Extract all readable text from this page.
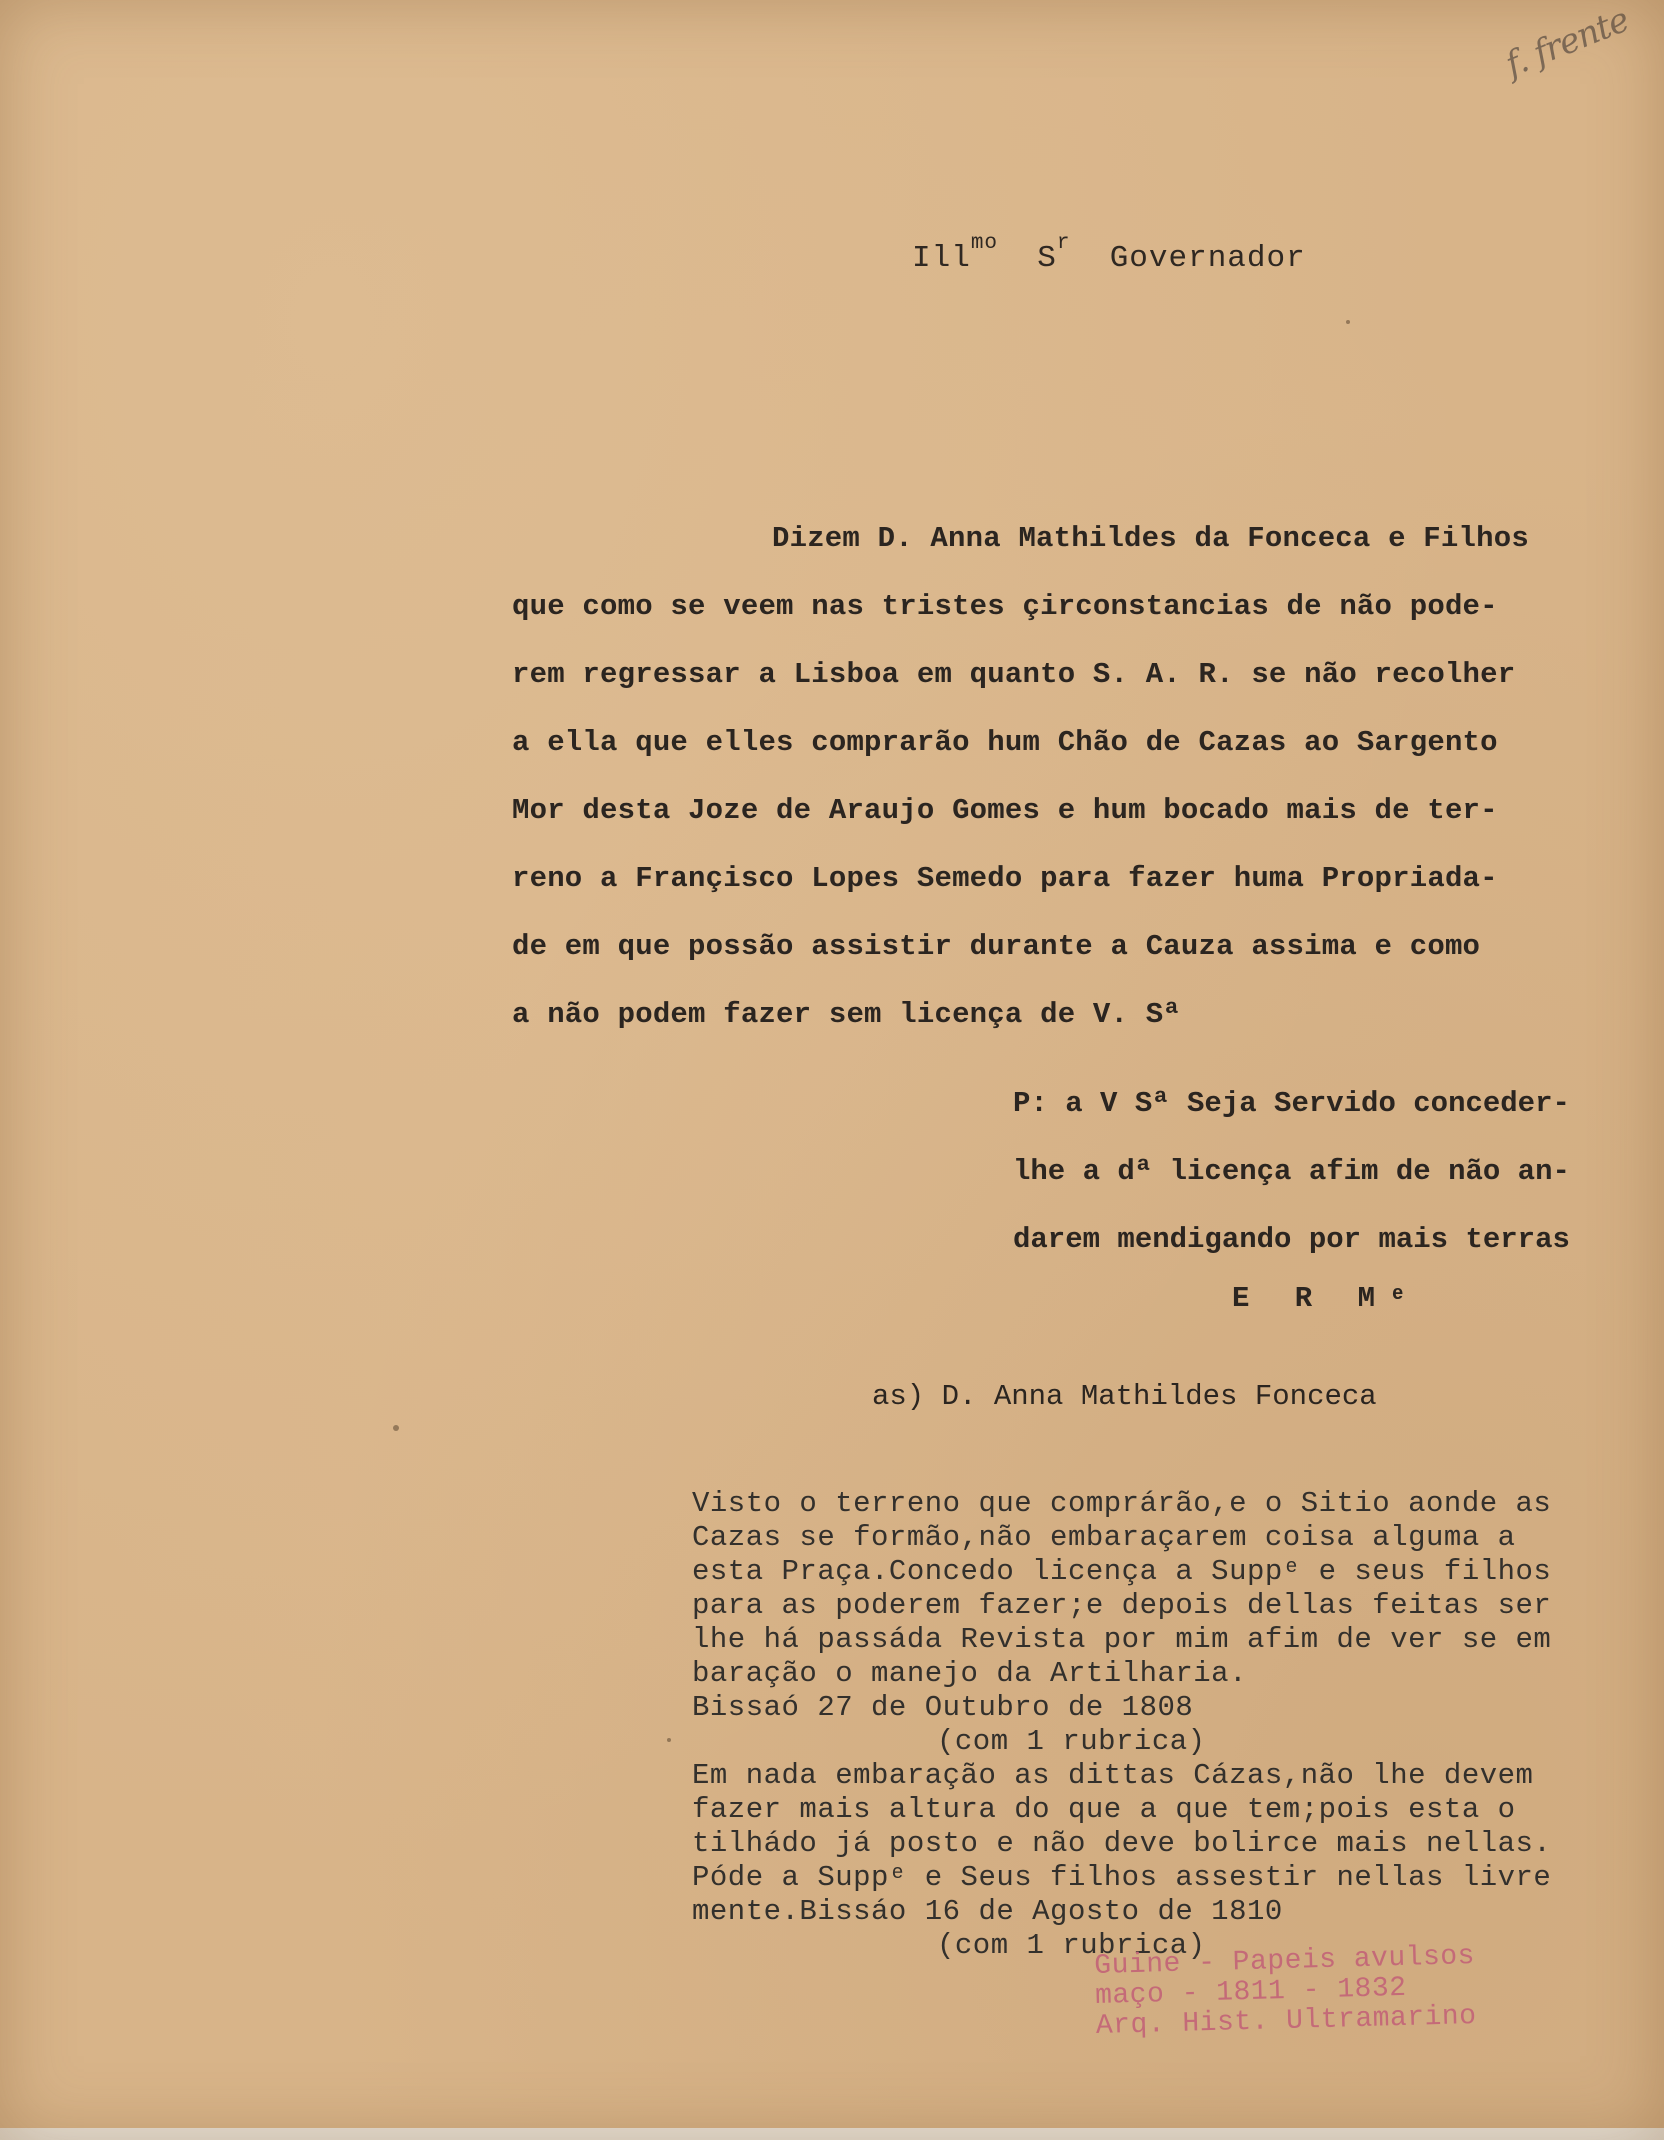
f. frente
Ill$^{mo}$ $S^r$ Governador
Dizem D. Anna Mathildes da Fonceca e Filhos
que como se veem nas tristes çirconstancias de não pode-
rem regressar a Lisboa em quanto S. A. R. se não recolher
a ella que elles comprarão hum Chão de Cazas ao Sargento
Mor desta Joze de Araujo Gomes e hum bocado mais de ter-
reno a Françisco Lopes Semedo para fazer huma Propriada-
de em que possão assistir durante a Cauza assima e como
a não podem fazer sem licença de V. Sª
P: a V Sª Seja Servido conceder-
lhe a dª licença afim de não an-
darem mendigando por mais terras
E R Mᵉ
as) D. Anna Mathildes Fonceca
Visto o terreno que comprárão,e o Sitio aonde as
Cazas se formão,não embaraçarem coisa alguma a
esta Praça.Concedo licença a Suppᵉ e seus filhos
para as poderem fazer;e depois dellas feitas ser
lhe há passáda Revista por mim afim de ver se em
baração o manejo da Artilharia.
Bissaó 27 de Outubro de 1808
(com 1 rubrica)
Em nada embaração as dittas Cázas,não lhe devem
fazer mais altura do que a que tem;pois esta o
tilhádo já posto e não deve bolirce mais nellas.
Póde a Suppᵉ e Seus filhos assestir nellas livre
mente.Bissáo 16 de Agosto de 1810
(com 1 rubrica)
Guine - Papeis avulsos
maço - 1811 - 1832
Arq. Hist. Ultramarino
